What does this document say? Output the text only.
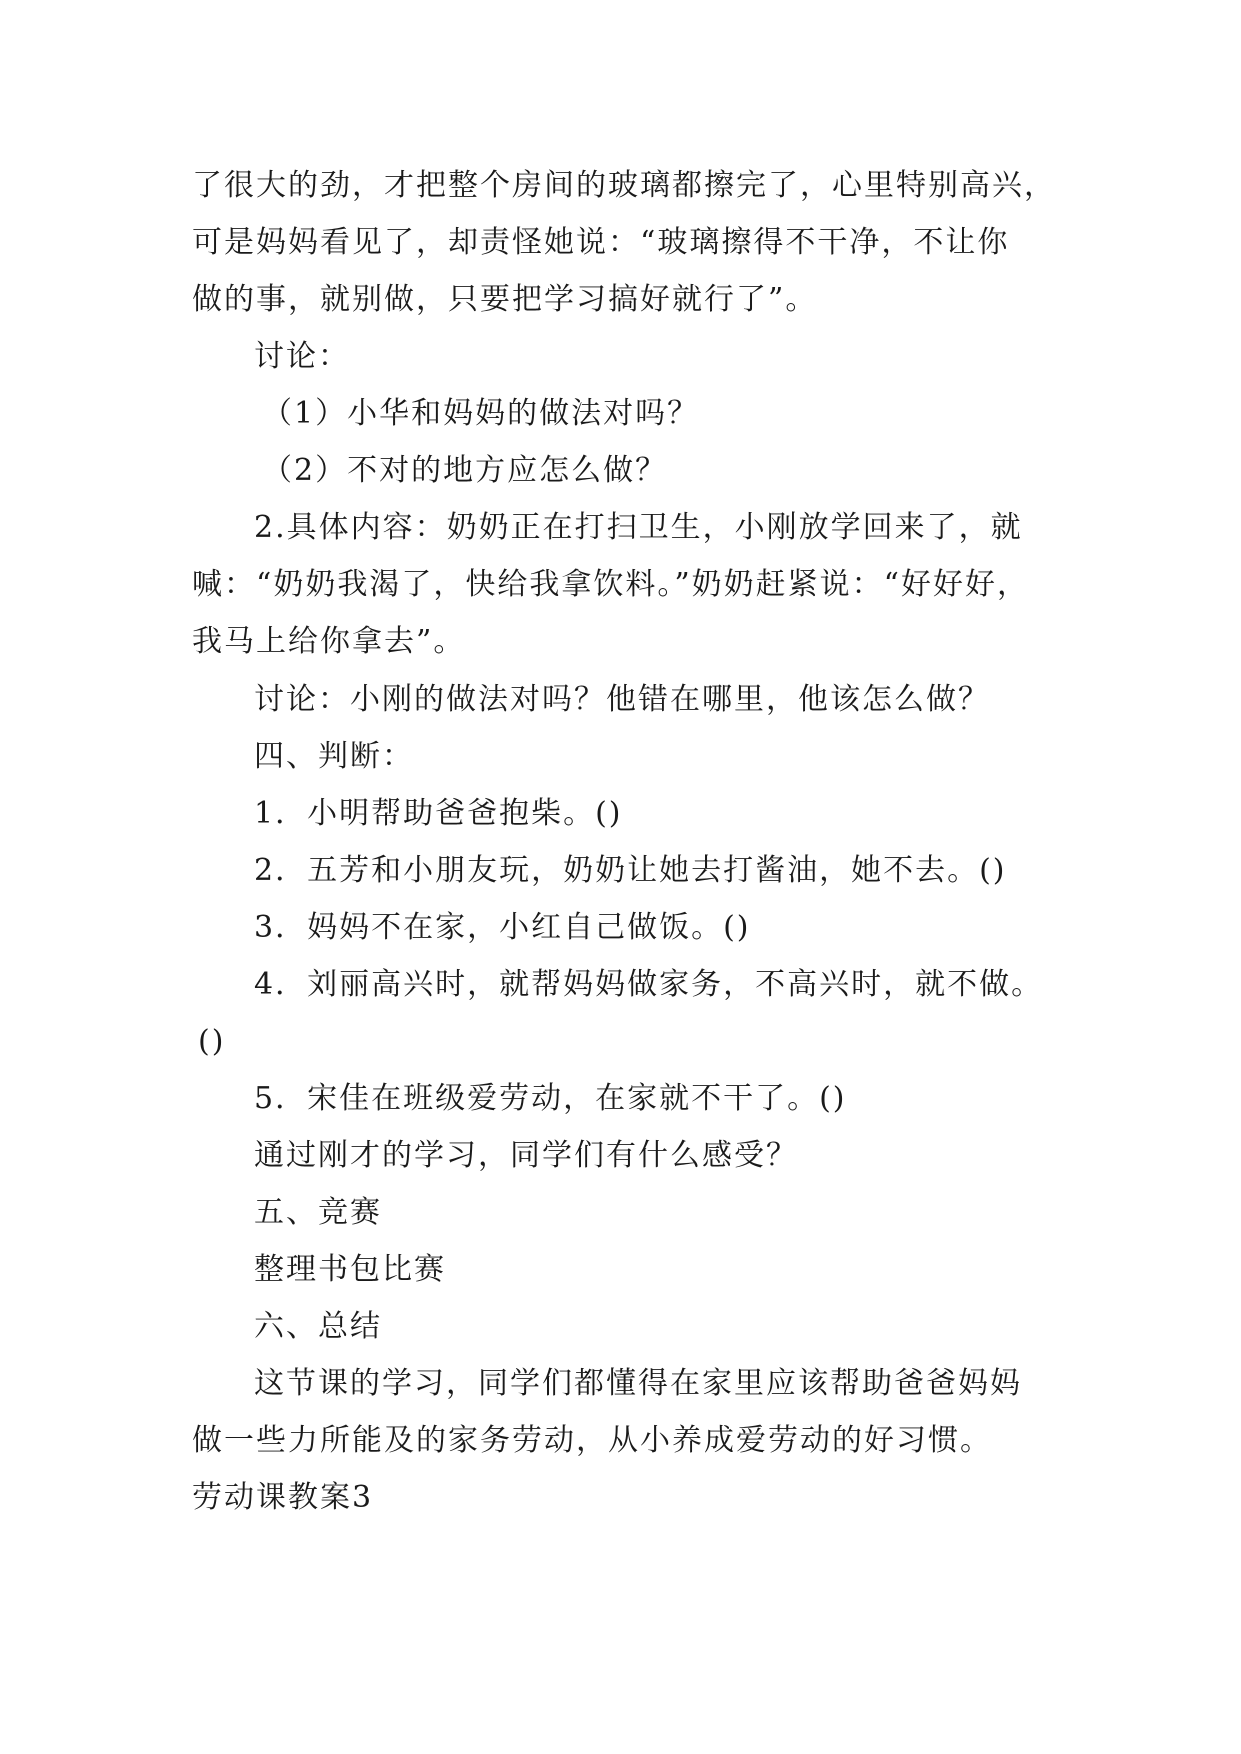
了很大的劲，才把整个房间的玻璃都擦完了，心里特别高兴，
可是妈妈看见了，却责怪她说：“玻璃擦得不干净，不让你
做的事，就别做，只要把学习搞好就行了”。
讨论：
（1）小华和妈妈的做法对吗？
（2）不对的地方应怎么做？
2.具体内容：奶奶正在打扫卫生，小刚放学回来了，就
喊：“奶奶我渴了，快给我拿饮料。”奶奶赶紧说：“好好好，
我马上给你拿去”。
讨论：小刚的做法对吗？他错在哪里，他该怎么做？
四、判断：
1．小明帮助爸爸抱柴。()
2．五芳和小朋友玩，奶奶让她去打酱油，她不去。()
3．妈妈不在家，小红自己做饭。()
4．刘丽高兴时，就帮妈妈做家务，不高兴时，就不做。
()
5．宋佳在班级爱劳动，在家就不干了。()
通过刚才的学习，同学们有什么感受？
五、竞赛
整理书包比赛
六、总结
这节课的学习，同学们都懂得在家里应该帮助爸爸妈妈
做一些力所能及的家务劳动，从小养成爱劳动的好习惯。
劳动课教案3
